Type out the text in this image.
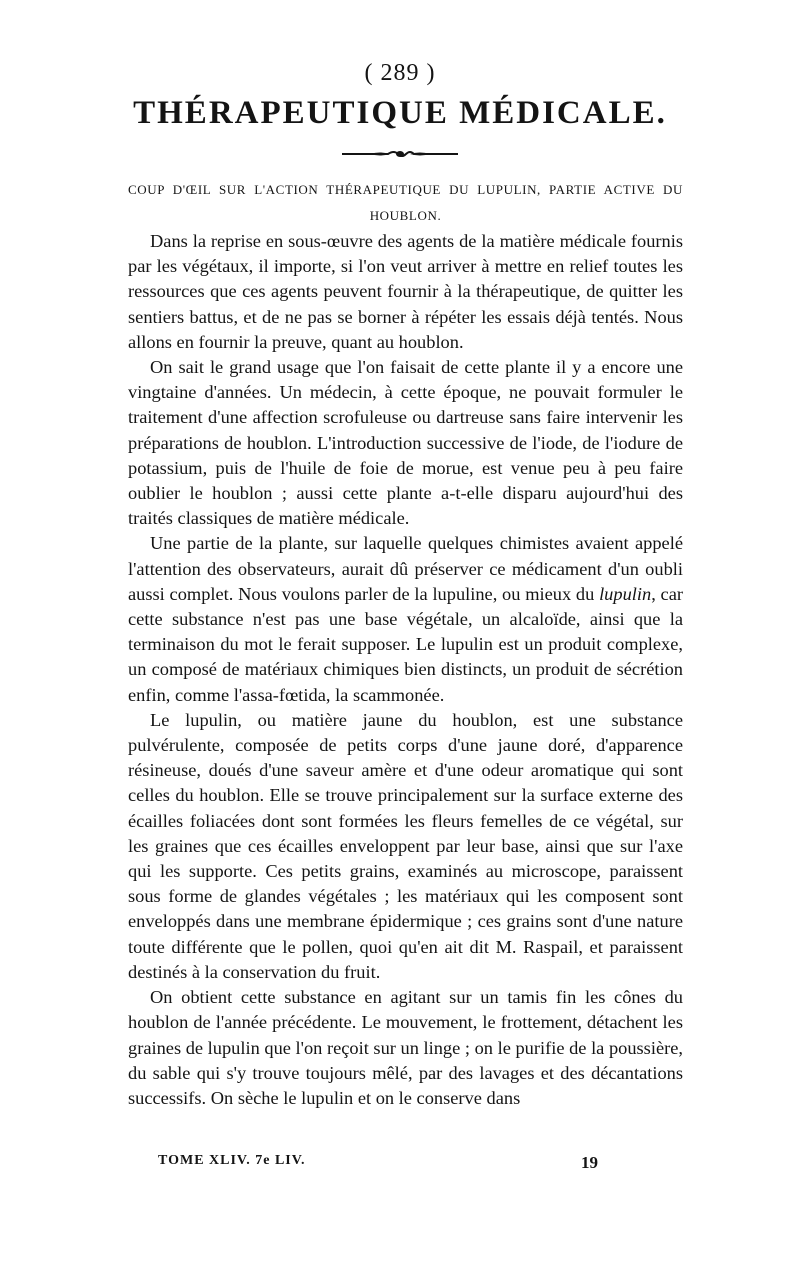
( 289 )
THÉRAPEUTIQUE MÉDICALE.
COUP D'ŒIL SUR L'ACTION THÉRAPEUTIQUE DU LUPULIN, PARTIE ACTIVE DU HOUBLON.

Dans la reprise en sous-œuvre des agents de la matière médicale fournis par les végétaux, il importe, si l'on veut arriver à mettre en relief toutes les ressources que ces agents peuvent fournir à la thérapeutique, de quitter les sentiers battus, et de ne pas se borner à répéter les essais déjà tentés. Nous allons en fournir la preuve, quant au houblon.

On sait le grand usage que l'on faisait de cette plante il y a encore une vingtaine d'années. Un médecin, à cette époque, ne pouvait formuler le traitement d'une affection scrofuleuse ou dartreuse sans faire intervenir les préparations de houblon. L'introduction successive de l'iode, de l'iodure de potassium, puis de l'huile de foie de morue, est venue peu à peu faire oublier le houblon ; aussi cette plante a-t-elle disparu aujourd'hui des traités classiques de matière médicale.

Une partie de la plante, sur laquelle quelques chimistes avaient appelé l'attention des observateurs, aurait dû préserver ce médicament d'un oubli aussi complet. Nous voulons parler de la lupuline, ou mieux du lupulin, car cette substance n'est pas une base végétale, un alcaloïde, ainsi que la terminaison du mot le ferait supposer. Le lupulin est un produit complexe, un composé de matériaux chimiques bien distincts, un produit de sécrétion enfin, comme l'assa-fœtida, la scammonée.

Le lupulin, ou matière jaune du houblon, est une substance pulvérulente, composée de petits corps d'une jaune doré, d'apparence résineuse, doués d'une saveur amère et d'une odeur aromatique qui sont celles du houblon. Elle se trouve principalement sur la surface externe des écailles foliacées dont sont formées les fleurs femelles de ce végétal, sur les graines que ces écailles enveloppent par leur base, ainsi que sur l'axe qui les supporte. Ces petits grains, examinés au microscope, paraissent sous forme de glandes végétales ; les matériaux qui les composent sont enveloppés dans une membrane épidermique ; ces grains sont d'une nature toute différente que le pollen, quoi qu'en ait dit M. Raspail, et paraissent destinés à la conservation du fruit.

On obtient cette substance en agitant sur un tamis fin les cônes du houblon de l'année précédente. Le mouvement, le frottement, détachent les graines de lupulin que l'on reçoit sur un linge ; on le purifie de la poussière, du sable qui s'y trouve toujours mêlé, par des lavages et des décantations successifs. On sèche le lupulin et on le conserve dans

TOME XLIV. 7e LIV.	19
